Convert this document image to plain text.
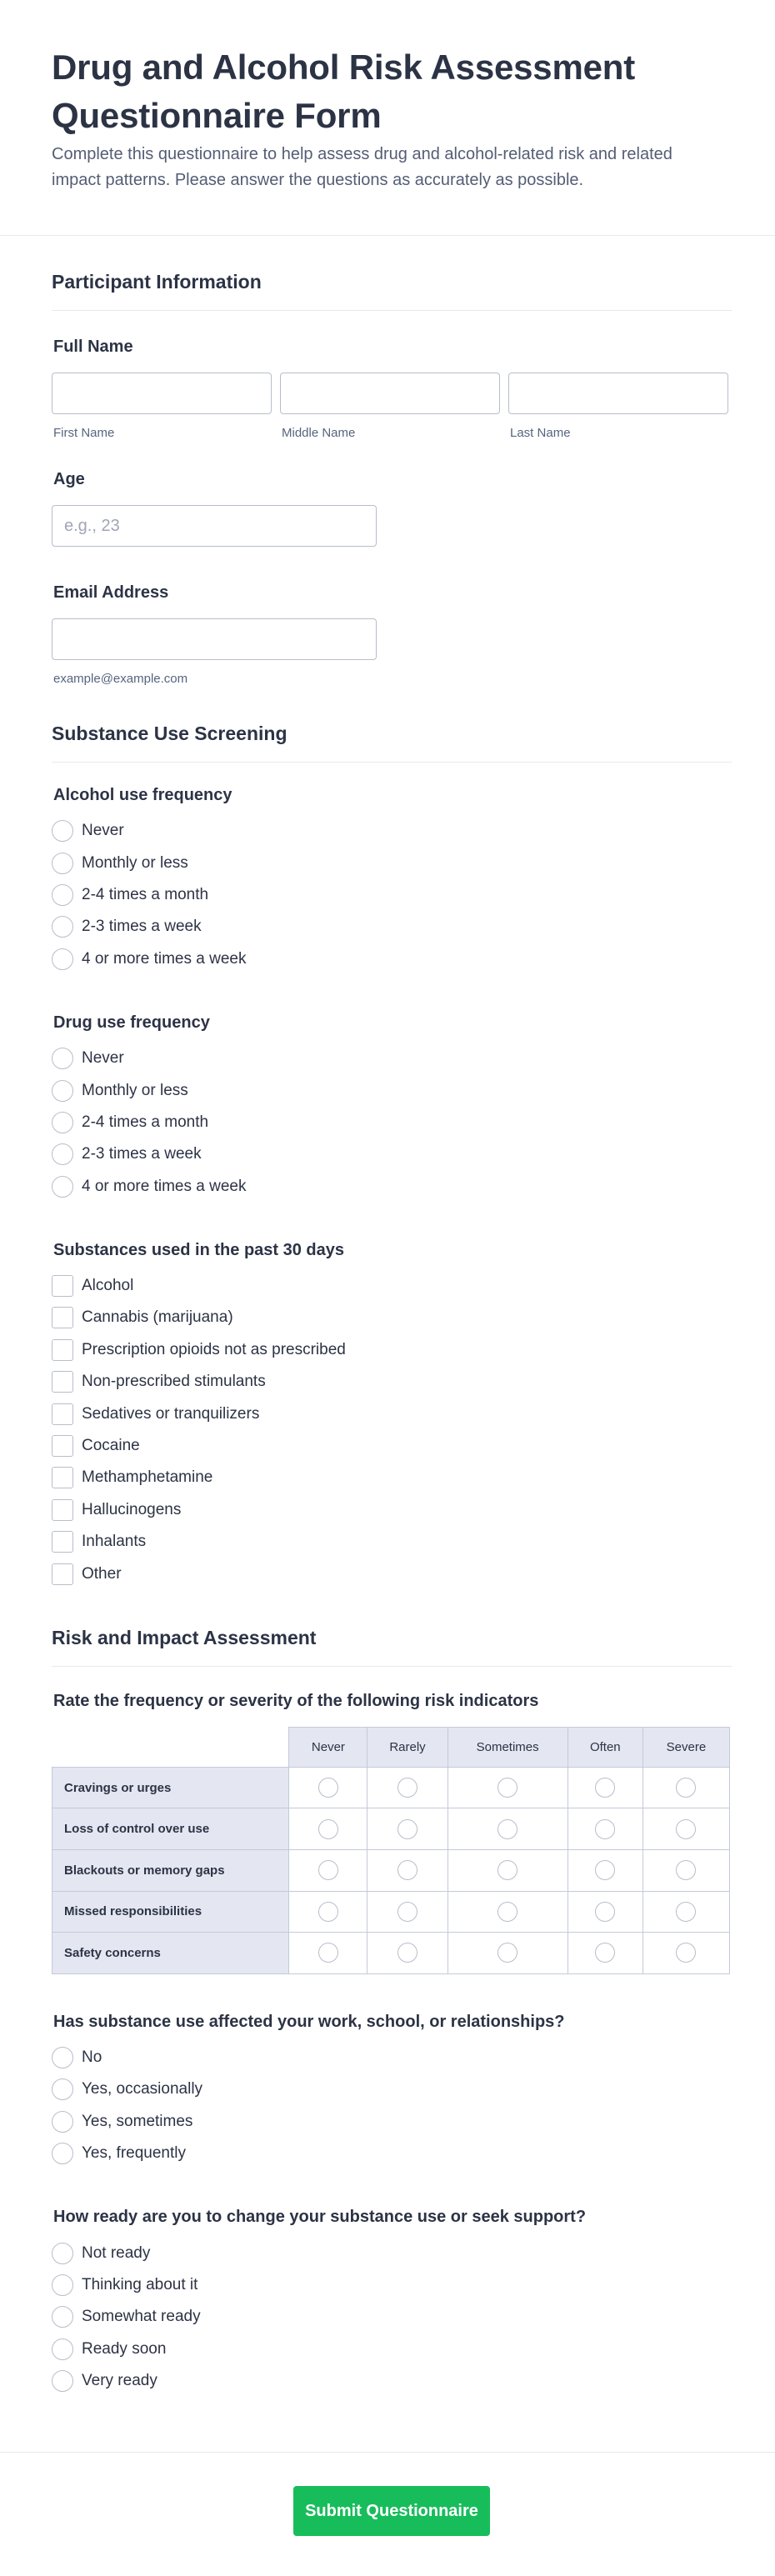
Drug and Alcohol Risk Assessment Questionnaire Form

Complete this questionnaire to help assess drug and alcohol-related risk and related impact patterns. Please answer the questions as accurately as possible.

Participant Information
Full Name
First Name	Middle Name	Last Name
Age
e.g., 23
Email Address
example@example.com
Substance Use Screening
Alcohol use frequency
Never
Monthly or less
2-4 times a month
2-3 times a week
4 or more times a week
Drug use frequency
Never
Monthly or less
2-4 times a month
2-3 times a week
4 or more times a week
Substances used in the past 30 days
Alcohol
Cannabis (marijuana)
Prescription opioids not as prescribed
Non-prescribed stimulants
Sedatives or tranquilizers
Cocaine
Methamphetamine
Hallucinogens
Inhalants
Other
Risk and Impact Assessment
Rate the frequency or severity of the following risk indicators
	Never	Rarely	Sometimes	Often	Severe
Cravings or urges					
Loss of control over use					
Blackouts or memory gaps					
Missed responsibilities					
Safety concerns					
Has substance use affected your work, school, or relationships?
No
Yes, occasionally
Yes, sometimes
Yes, frequently
How ready are you to change your substance use or seek support?
Not ready
Thinking about it
Somewhat ready
Ready soon
Very ready
Submit Questionnaire
